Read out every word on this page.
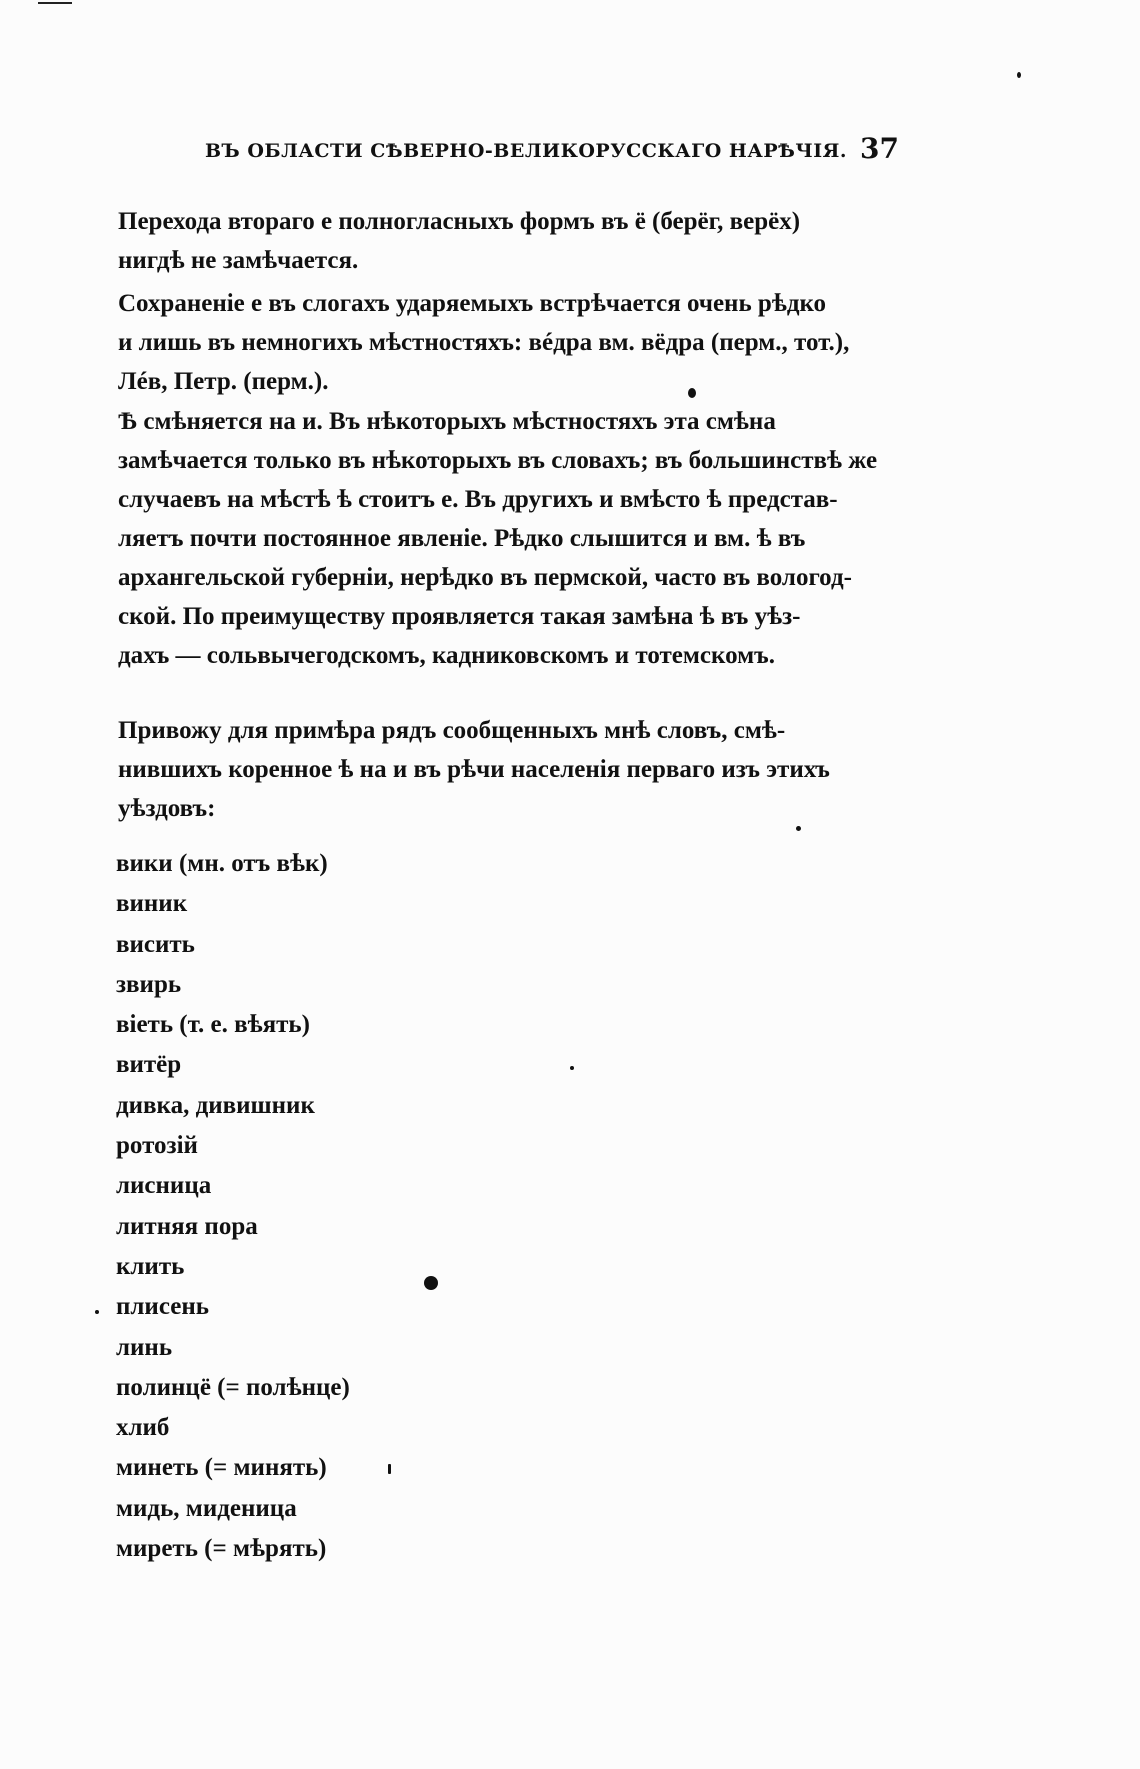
ВЪ ОБЛАСТИ СѢВЕРНО-ВЕЛИКОРУССКАГО НАРѢЧІЯ. 37

Перехода втораго е полногласныхъ формъ въ ё (берёг, верёх)
нигдѣ не замѣчается.

Сохраненіе е въ слогахъ ударяемыхъ встрѣчается очень рѣдко
и лишь въ немногихъ мѣстностяхъ: вéдра вм. вёдра (перм., тот.),
Лéв, Петр. (перм.).

Ѣ смѣняется на и. Въ нѣкоторыхъ мѣстностяхъ эта смѣна
замѣчается только въ нѣкоторыхъ въ словахъ; въ большинствѣ же
случаевъ на мѣстѣ ѣ стоитъ е. Въ другихъ и вмѣсто ѣ представ-
ляетъ почти постоянное явленіе. Рѣдко слышится и вм. ѣ въ
архангельской губерніи, нерѣдко въ пермской, часто въ вологод-
ской. По преимуществу проявляется такая замѣна ѣ въ уѣз-
дахъ — сольвычегодскомъ, кадниковскомъ и тотемскомъ.

Привожу для примѣра рядъ сообщенныхъ мнѣ словъ, смѣ-
нившихъ коренное ѣ на и въ рѣчи населенія перваго изъ этихъ
уѣздовъ:

вики (мн. отъ вѣк)
виник
висить
звирь
віеть (т. е. вѣять)
витёр
дивка, дивишник
ротозій
лисница
литняя пора
клить
плисень
линь
полинцё (= полѣнце)
хлиб
минеть (= минять)
мидь, миденица
миреть (= мѣрять)
